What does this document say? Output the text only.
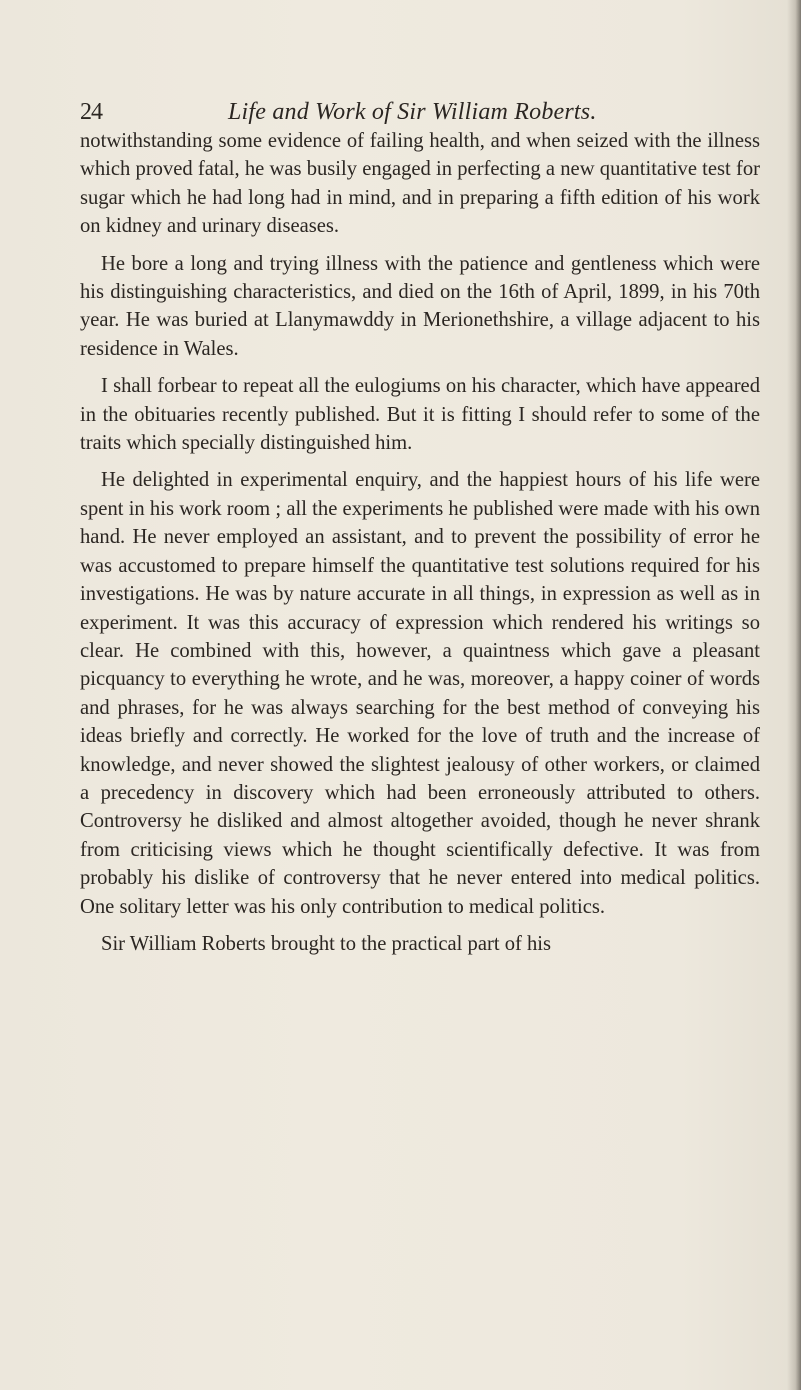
24	Life and Work of Sir William Roberts.

notwithstanding some evidence of failing health, and when seized with the illness which proved fatal, he was busily engaged in perfecting a new quantitative test for sugar which he had long had in mind, and in preparing a fifth edition of his work on kidney and urinary diseases.

He bore a long and trying illness with the patience and gentleness which were his distinguishing characteristics, and died on the 16th of April, 1899, in his 70th year. He was buried at Llanymawddy in Merionethshire, a village adjacent to his residence in Wales.

I shall forbear to repeat all the eulogiums on his character, which have appeared in the obituaries recently published. But it is fitting I should refer to some of the traits which specially distinguished him.

He delighted in experimental enquiry, and the happiest hours of his life were spent in his work room ; all the experiments he published were made with his own hand. He never employed an assistant, and to prevent the possibility of error he was accustomed to prepare himself the quantitative test solutions required for his investigations. He was by nature accurate in all things, in expression as well as in experiment. It was this accuracy of expression which rendered his writings so clear. He combined with this, however, a quaintness which gave a pleasant picquancy to everything he wrote, and he was, moreover, a happy coiner of words and phrases, for he was always searching for the best method of conveying his ideas briefly and correctly. He worked for the love of truth and the increase of knowledge, and never showed the slightest jealousy of other workers, or claimed a precedency in discovery which had been erroneously attributed to others. Controversy he disliked and almost altogether avoided, though he never shrank from criticising views which he thought scientifically defective. It was from probably his dislike of controversy that he never entered into medical politics. One solitary letter was his only contribution to medical politics.

Sir William Roberts brought to the practical part of his
